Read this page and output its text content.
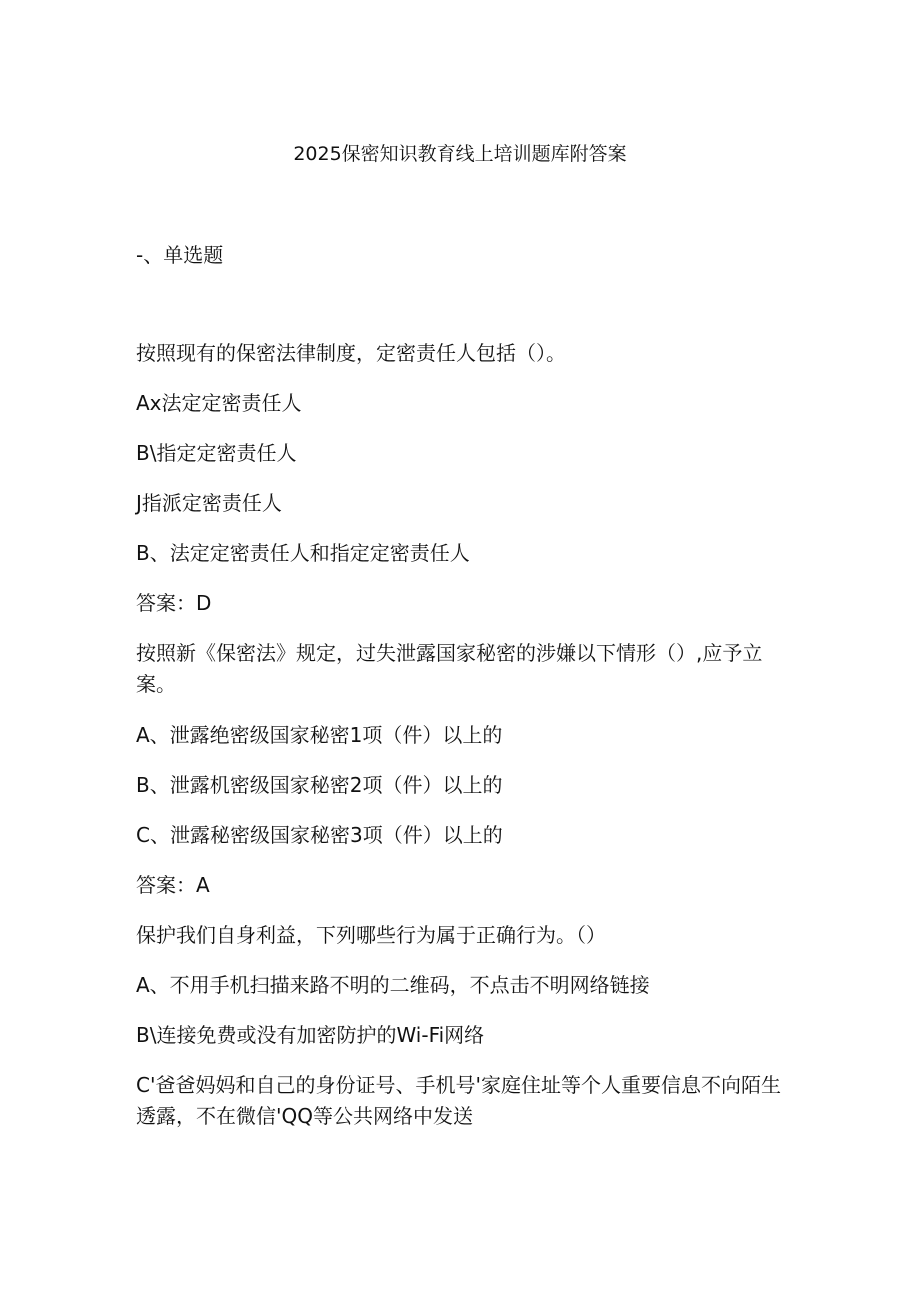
2025保密知识教育线上培训题库附答案
-、单选题

按照现有的保密法律制度，定密责任人包括（）。

Ax法定定密责任人

B\指定定密责任人

J指派定密责任人

B、法定定密责任人和指定定密责任人

答案：D

按照新《保密法》规定，过失泄露国家秘密的涉嫌以下情形（）,应予立案。

A、泄露绝密级国家秘密1项（件）以上的

B、泄露机密级国家秘密2项（件）以上的

C、泄露秘密级国家秘密3项（件）以上的

答案：A

保护我们自身利益，下列哪些行为属于正确行为。（）

A、不用手机扫描来路不明的二维码，不点击不明网络链接

B\连接免费或没有加密防护的Wi-Fi网络

C'爸爸妈妈和自己的身份证号、手机号'家庭住址等个人重要信息不向陌生透露，不在微信'QQ等公共网络中发送
